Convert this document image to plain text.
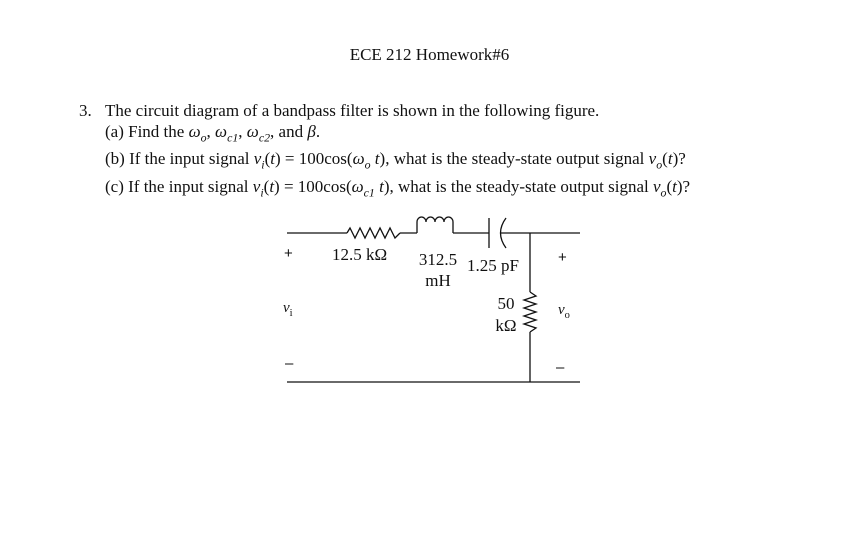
ECE 212 Homework#6
3. The circuit diagram of a bandpass filter is shown in the following figure.
(a) Find the $\omega_o$, $\omega_{c1}$, $\omega_{c2}$, and β.
(b) If the input signal $v_i(t) = 100\cos(\omega_o$ t), what is the steady-state output signal $v_o(t)$?
(c) If the input signal $v_i(t) = 100\cos(\omega_{c1}$ t), what is the steady-state output signal $v_o(t)$?
+
–
$v_i$
+
–
$v_o$
12.5 kΩ	312.5
mH
1.25 pF
50
kΩ
